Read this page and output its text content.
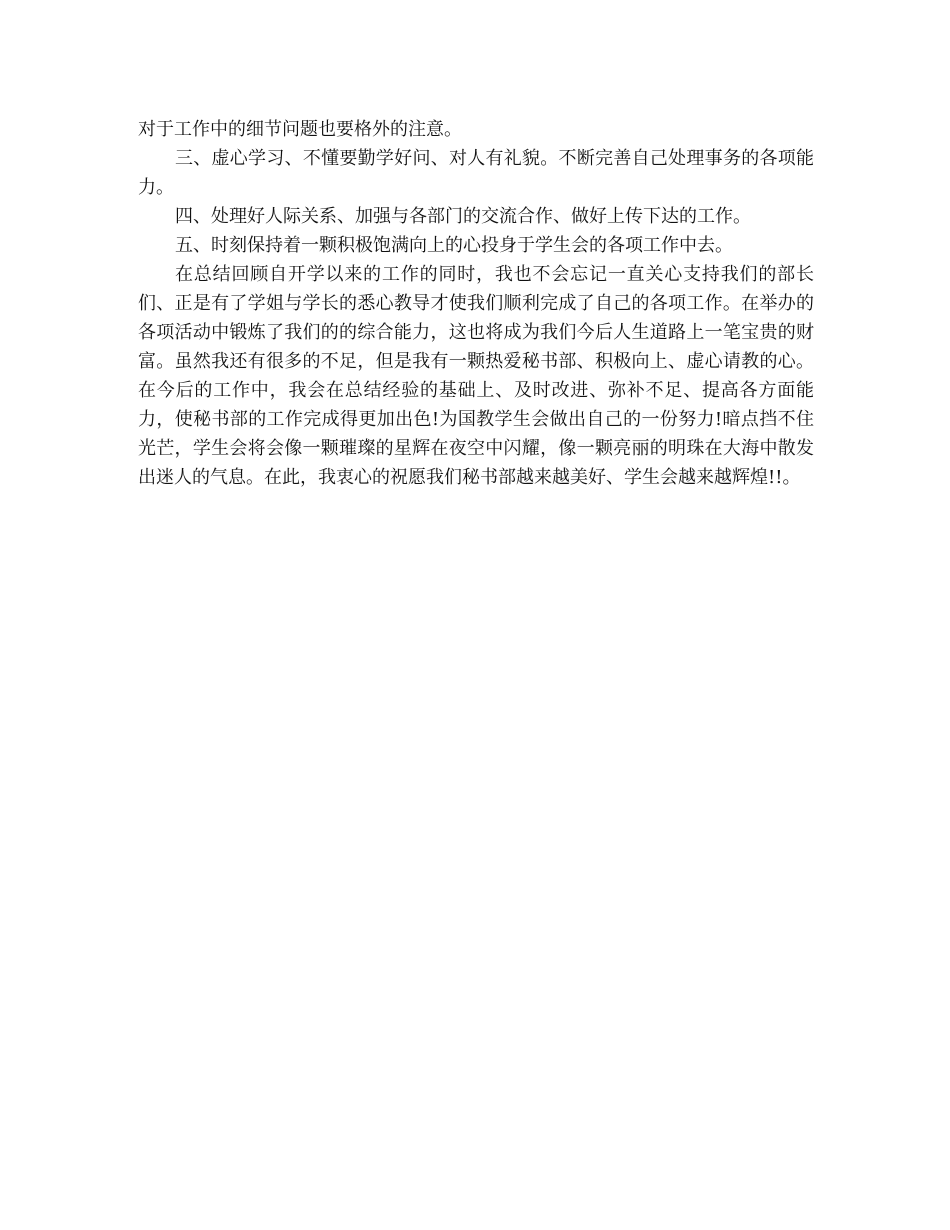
对于工作中的细节问题也要格外的注意。

三、虚心学习、不懂要勤学好问、对人有礼貌。不断完善自己处理事务的各项能力。

四、处理好人际关系、加强与各部门的交流合作、做好上传下达的工作。

五、时刻保持着一颗积极饱满向上的心投身于学生会的各项工作中去。

在总结回顾自开学以来的工作的同时，我也不会忘记一直关心支持我们的部长们、正是有了学姐与学长的悉心教导才使我们顺利完成了自己的各项工作。在举办的各项活动中锻炼了我们的的综合能力，这也将成为我们今后人生道路上一笔宝贵的财富。虽然我还有很多的不足，但是我有一颗热爱秘书部、积极向上、虚心请教的心。在今后的工作中，我会在总结经验的基础上、及时改进、弥补不足、提高各方面能力，使秘书部的工作完成得更加出色!为国教学生会做出自己的一份努力!暗点挡不住光芒，学生会将会像一颗璀璨的星辉在夜空中闪耀，像一颗亮丽的明珠在大海中散发出迷人的气息。在此，我衷心的祝愿我们秘书部越来越美好、学生会越来越辉煌!!。
